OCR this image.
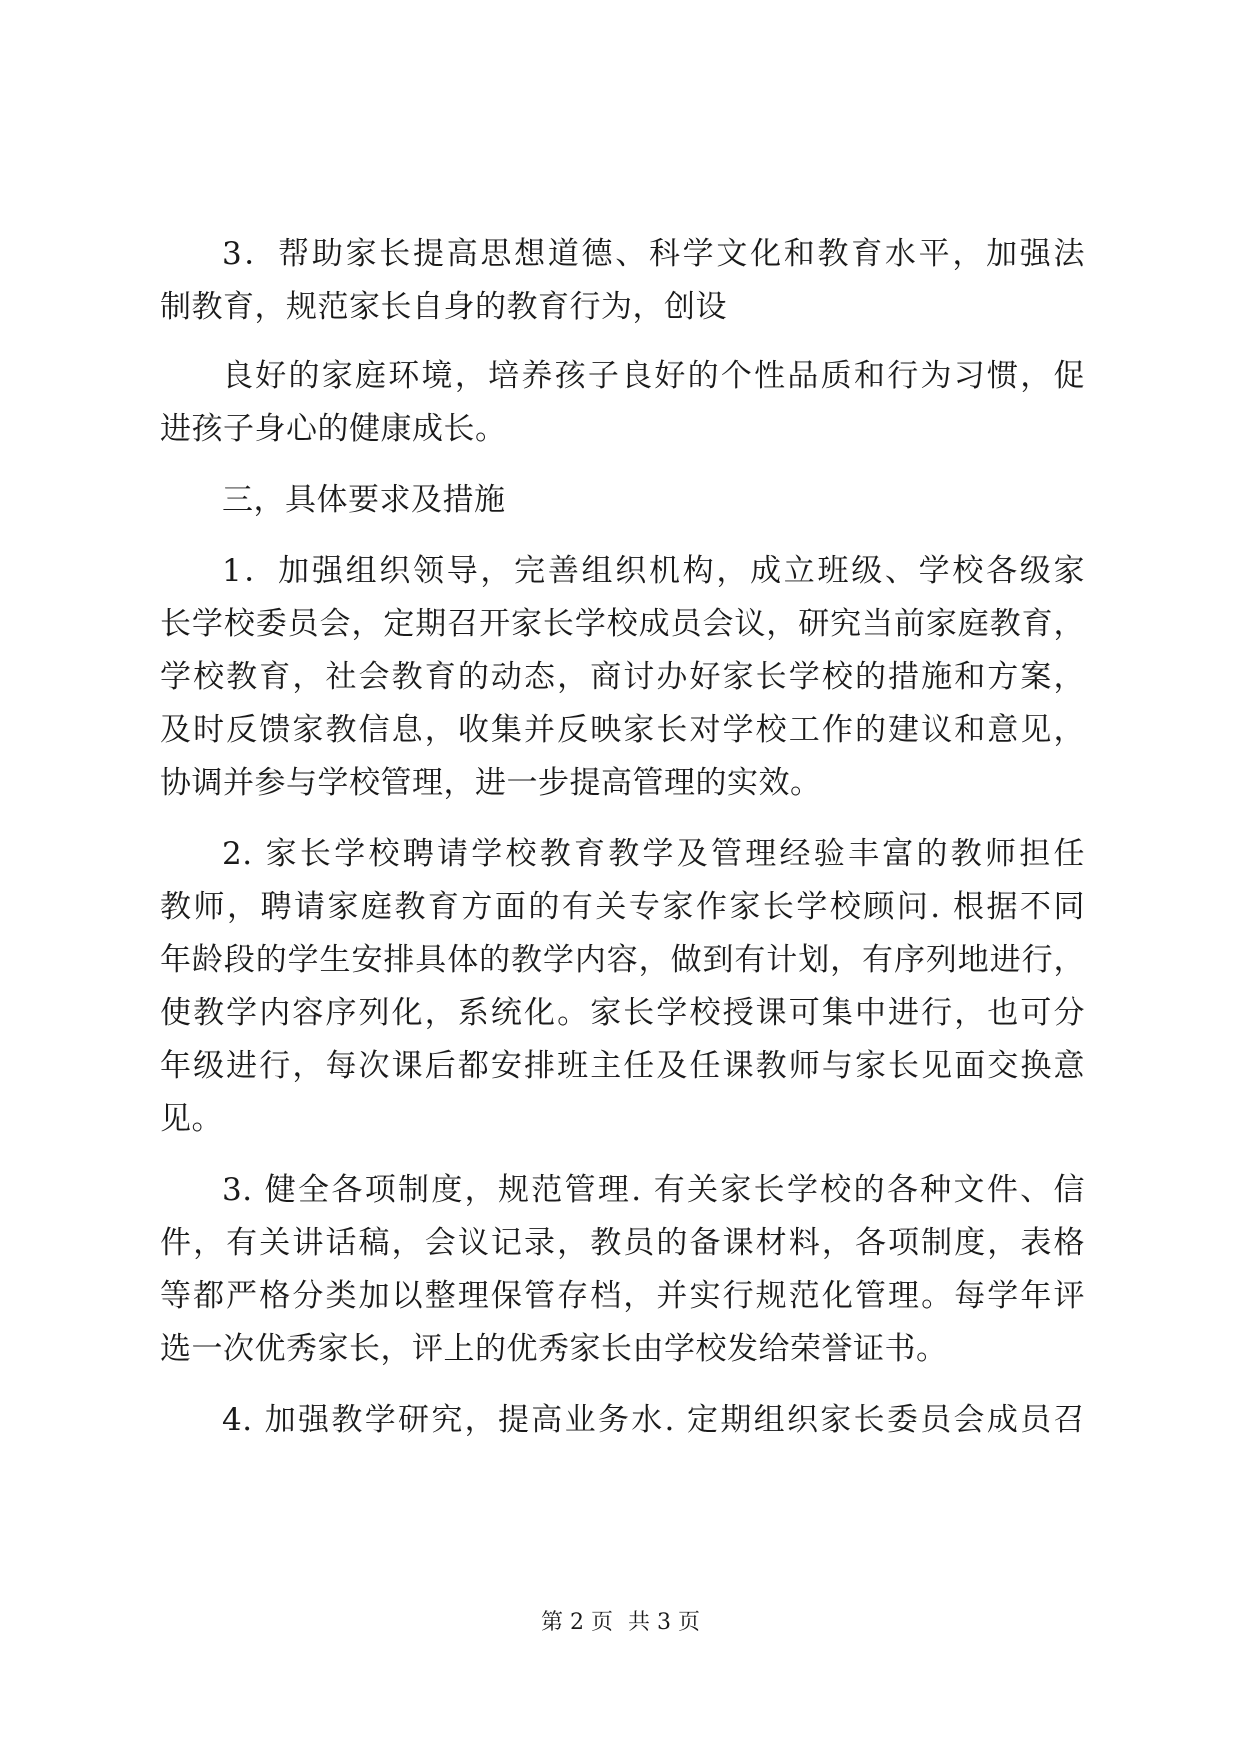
3．帮助家长提高思想道德、科学文化和教育水平，加强法
制教育，规范家长自身的教育行为，创设
良好的家庭环境，培养孩子良好的个性品质和行为习惯，促
进孩子身心的健康成长。
三，具体要求及措施
1．加强组织领导，完善组织机构，成立班级、学校各级家
长学校委员会，定期召开家长学校成员会议，研究当前家庭教育，
学校教育，社会教育的动态，商讨办好家长学校的措施和方案，
及时反馈家教信息，收集并反映家长对学校工作的建议和意见，
协调并参与学校管理，进一步提高管理的实效。
2. 家长学校聘请学校教育教学及管理经验丰富的教师担任
教师，聘请家庭教育方面的有关专家作家长学校顾问. 根据不同
年龄段的学生安排具体的教学内容，做到有计划，有序列地进行，
使教学内容序列化，系统化。家长学校授课可集中进行，也可分
年级进行，每次课后都安排班主任及任课教师与家长见面交换意
见。
3. 健全各项制度，规范管理. 有关家长学校的各种文件、信
件，有关讲话稿，会议记录，教员的备课材料，各项制度，表格
等都严格分类加以整理保管存档，并实行规范化管理。每学年评
选一次优秀家长，评上的优秀家长由学校发给荣誉证书。
4. 加强教学研究，提高业务水. 定期组织家长委员会成员召
第 2 页 共 3 页
